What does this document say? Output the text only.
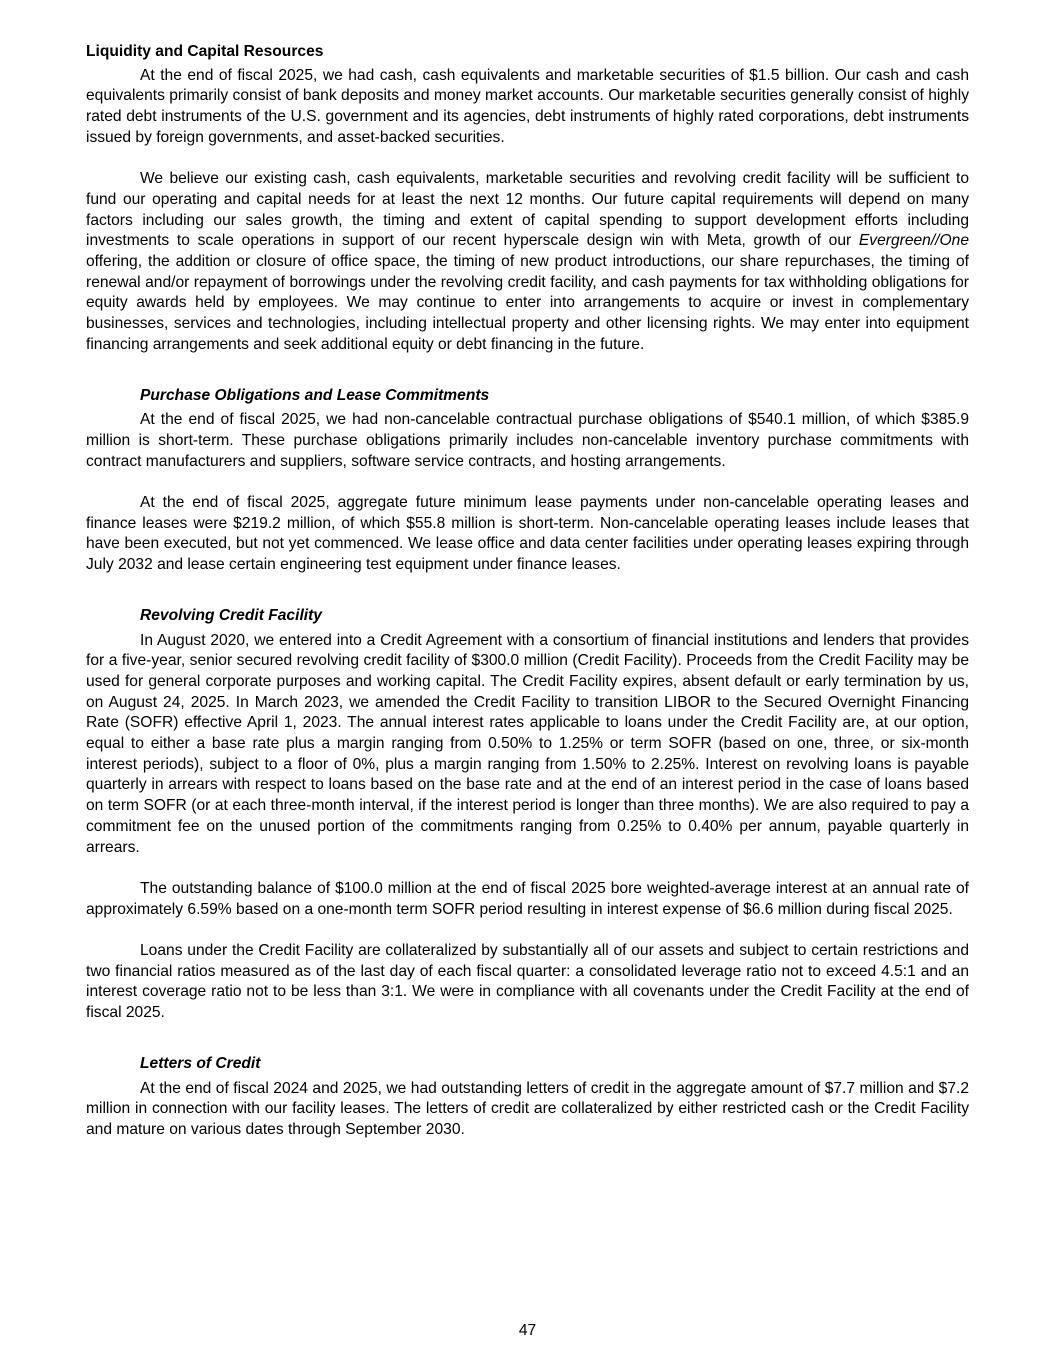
Liquidity and Capital Resources

At the end of fiscal 2025, we had cash, cash equivalents and marketable securities of $1.5 billion. Our cash and cash equivalents primarily consist of bank deposits and money market accounts. Our marketable securities generally consist of highly rated debt instruments of the U.S. government and its agencies, debt instruments of highly rated corporations, debt instruments issued by foreign governments, and asset-backed securities.

We believe our existing cash, cash equivalents, marketable securities and revolving credit facility will be sufficient to fund our operating and capital needs for at least the next 12 months. Our future capital requirements will depend on many factors including our sales growth, the timing and extent of capital spending to support development efforts including investments to scale operations in support of our recent hyperscale design win with Meta, growth of our Evergreen//One offering, the addition or closure of office space, the timing of new product introductions, our share repurchases, the timing of renewal and/or repayment of borrowings under the revolving credit facility, and cash payments for tax withholding obligations for equity awards held by employees. We may continue to enter into arrangements to acquire or invest in complementary businesses, services and technologies, including intellectual property and other licensing rights. We may enter into equipment financing arrangements and seek additional equity or debt financing in the future.

Purchase Obligations and Lease Commitments

At the end of fiscal 2025, we had non-cancelable contractual purchase obligations of $540.1 million, of which $385.9 million is short-term. These purchase obligations primarily includes non-cancelable inventory purchase commitments with contract manufacturers and suppliers, software service contracts, and hosting arrangements.

At the end of fiscal 2025, aggregate future minimum lease payments under non-cancelable operating leases and finance leases were $219.2 million, of which $55.8 million is short-term. Non-cancelable operating leases include leases that have been executed, but not yet commenced. We lease office and data center facilities under operating leases expiring through July 2032 and lease certain engineering test equipment under finance leases.

Revolving Credit Facility

In August 2020, we entered into a Credit Agreement with a consortium of financial institutions and lenders that provides for a five-year, senior secured revolving credit facility of $300.0 million (Credit Facility). Proceeds from the Credit Facility may be used for general corporate purposes and working capital. The Credit Facility expires, absent default or early termination by us, on August 24, 2025. In March 2023, we amended the Credit Facility to transition LIBOR to the Secured Overnight Financing Rate (SOFR) effective April 1, 2023. The annual interest rates applicable to loans under the Credit Facility are, at our option, equal to either a base rate plus a margin ranging from 0.50% to 1.25% or term SOFR (based on one, three, or six-month interest periods), subject to a floor of 0%, plus a margin ranging from 1.50% to 2.25%. Interest on revolving loans is payable quarterly in arrears with respect to loans based on the base rate and at the end of an interest period in the case of loans based on term SOFR (or at each three-month interval, if the interest period is longer than three months). We are also required to pay a commitment fee on the unused portion of the commitments ranging from 0.25% to 0.40% per annum, payable quarterly in arrears.

The outstanding balance of $100.0 million at the end of fiscal 2025 bore weighted-average interest at an annual rate of approximately 6.59% based on a one-month term SOFR period resulting in interest expense of $6.6 million during fiscal 2025.

Loans under the Credit Facility are collateralized by substantially all of our assets and subject to certain restrictions and two financial ratios measured as of the last day of each fiscal quarter: a consolidated leverage ratio not to exceed 4.5:1 and an interest coverage ratio not to be less than 3:1. We were in compliance with all covenants under the Credit Facility at the end of fiscal 2025.

Letters of Credit

At the end of fiscal 2024 and 2025, we had outstanding letters of credit in the aggregate amount of $7.7 million and $7.2 million in connection with our facility leases. The letters of credit are collateralized by either restricted cash or the Credit Facility and mature on various dates through September 2030.

47
